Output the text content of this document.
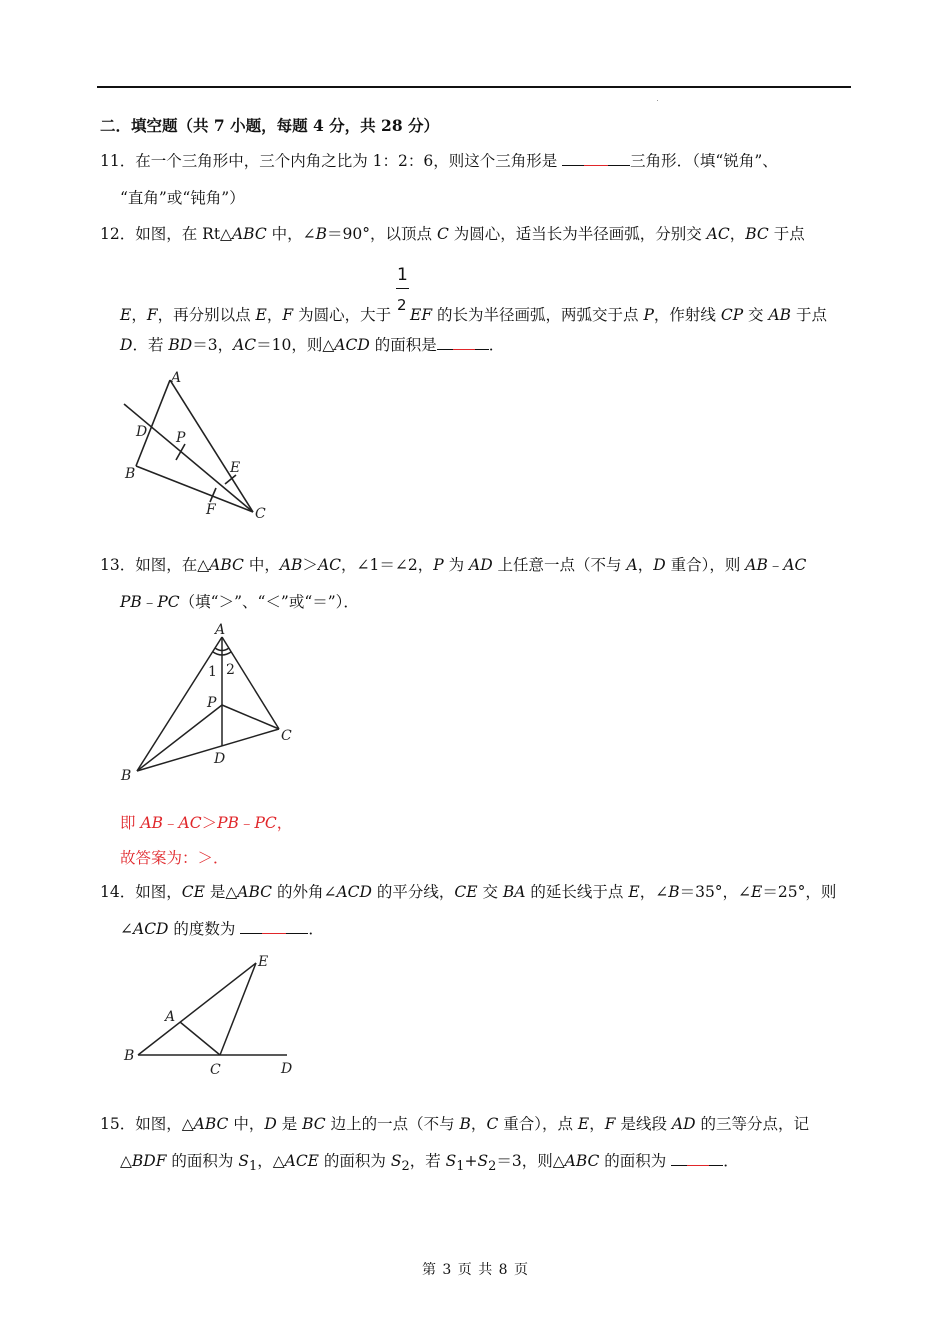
二．填空题（共 7 小题，每题 4 分，共 28 分）
11．在一个三角形中，三个内角之比为 1：2：6，则这个三角形是	三角形．（填“锐角”、
“直角”或“钝角”）
12．如图，在 Rt△ABC 中，∠B＝90°，以顶点 C 为圆心，适当长为半径画弧，分别交 AC，BC 于点
E，F，再分别以点 E，F 为圆心，大于 $\frac{1}{2}$ EF 的长为半径画弧，两弧交于点 P，作射线 CP 交 AB 于点
D．若 BD＝3，AC＝10，则△ACD 的面积是	．
A
B
C
D
E
F
P
13．如图，在△ABC 中，AB＞AC，∠1＝∠2，P 为 AD 上任意一点（不与 A，D 重合），则 AB﹣AC
PB﹣PC（填“＞”、“＜”或“＝”）．
A
B
C
D
P
1 2
即 AB﹣AC＞PB﹣PC，
故答案为：＞．
14．如图，CE 是△ABC 的外角∠ACD 的平分线，CE 交 BA 的延长线于点 E，∠B＝35°，∠E＝25°，则
∠ACD 的度数为	．
A
B
C	D
E
15．如图，△ABC 中，D 是 BC 边上的一点（不与 B，C 重合），点 E，F 是线段 AD 的三等分点，记
△BDF 的面积为 $S_1$，△ACE 的面积为 $S_2$，若 $S_1+S_2=3$，则△ABC 的面积为	．
第 3 页 共 8 页
